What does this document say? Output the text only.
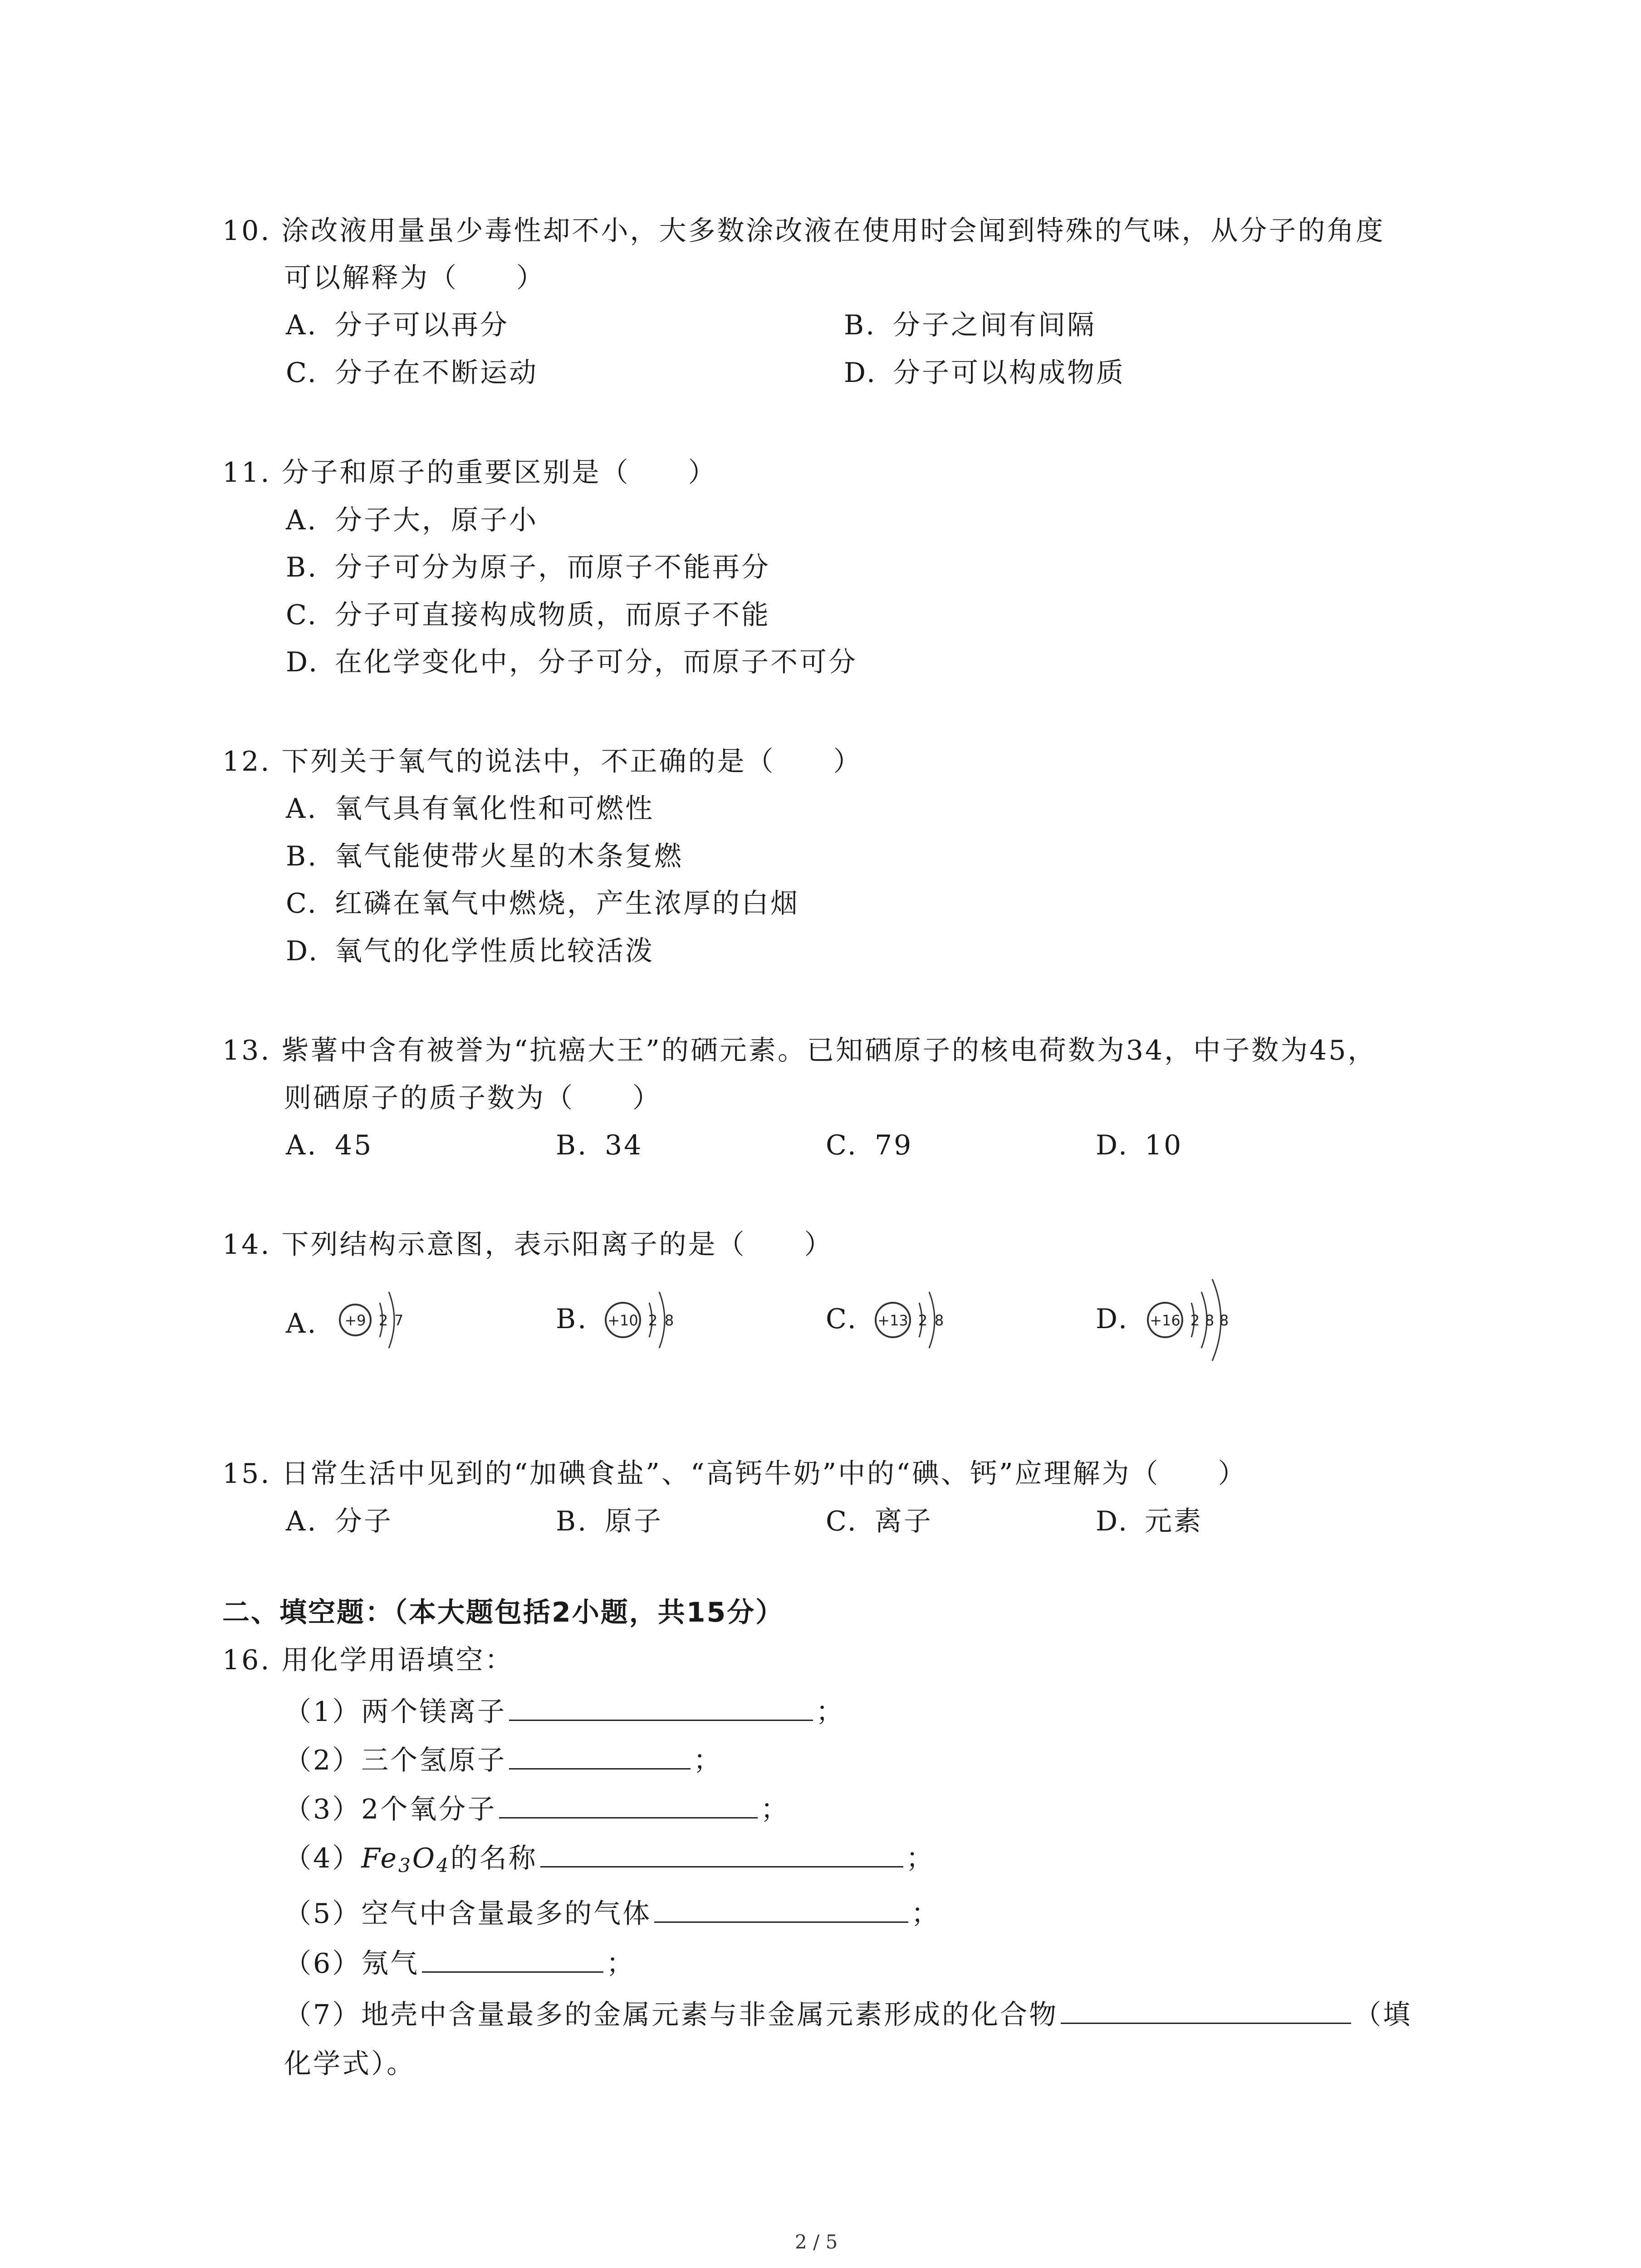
10. 涂改液用量虽少毒性却不小，大多数涂改液在使用时会闻到特殊的气味，从分子的角度
可以解释为（　　）
A. 分子可以再分	B. 分子之间有间隔
C. 分子在不断运动	D. 分子可以构成物质
11. 分子和原子的重要区别是（　　）
A. 分子大，原子小
B. 分子可分为原子，而原子不能再分
C. 分子可直接构成物质，而原子不能
D. 在化学变化中，分子可分，而原子不可分
12. 下列关于氧气的说法中，不正确的是（　　）
A. 氧气具有氧化性和可燃性
B. 氧气能使带火星的木条复燃
C. 红磷在氧气中燃烧，产生浓厚的白烟
D. 氧气的化学性质比较活泼
13. 紫薯中含有被誉为“抗癌大王”的硒元素。已知硒原子的核电荷数为34，中子数为45，
则硒原子的质子数为（　　）
A. 45	B. 34	C. 79	D. 10
14. 下列结构示意图，表示阳离子的是（　　）
A. +9 2 7	B. +10 2 8	C. +13 2 8	D. +16 2 8 8
15. 日常生活中见到的“加碘食盐”、“高钙牛奶”中的“碘、钙”应理解为（　　）
A. 分子	B. 原子	C. 离子	D. 元素
二、填空题：（本大题包括2小题，共15分）
16. 用化学用语填空：
（1）两个镁离子	；
（2）三个氢原子	；
（3）2个氧分子	；
$(4)Fe_3O_4$的名称	；
（5）空气中含量最多的气体	；
（6）氖气	；
（7）地壳中含量最多的金属元素与非金属元素形成的化合物	（填
化学式）。
2 / 5
